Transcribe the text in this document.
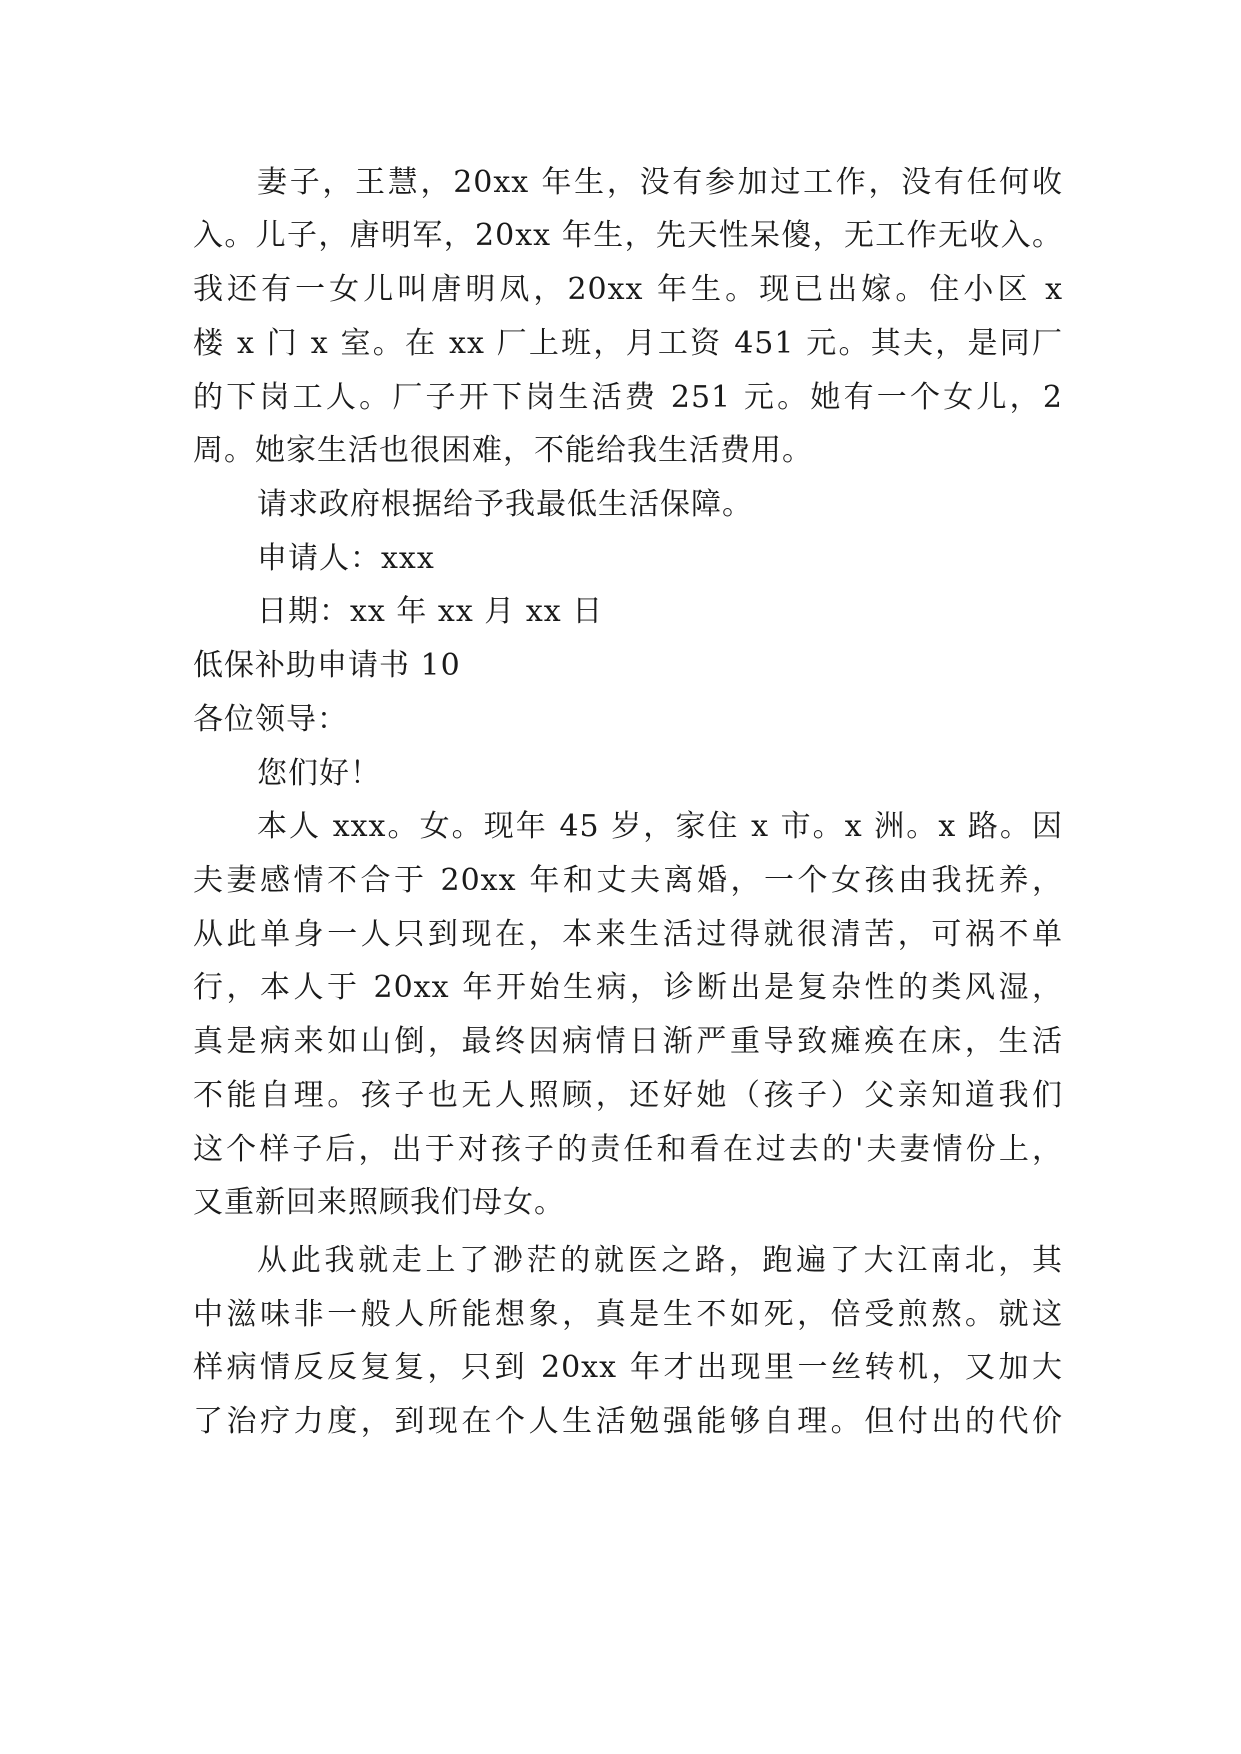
妻子，王慧，20xx 年生，没有参加过工作，没有任何收
入。儿子，唐明军，20xx 年生，先天性呆傻，无工作无收入。
我还有一女儿叫唐明凤，20xx 年生。现已出嫁。住小区 x
楼 x 门 x 室。在 xx 厂上班，月工资 451 元。其夫，是同厂
的下岗工人。厂子开下岗生活费 251 元。她有一个女儿，2
周。她家生活也很困难，不能给我生活费用。
请求政府根据给予我最低生活保障。
申请人：xxx
日期：xx 年 xx 月 xx 日
低保补助申请书 10
各位领导：
您们好！
本人 xxx。女。现年 45 岁，家住 x 市。x 洲。x 路。因
夫妻感情不合于 20xx 年和丈夫离婚，一个女孩由我抚养，
从此单身一人只到现在，本来生活过得就很清苦，可祸不单
行，本人于 20xx 年开始生病，诊断出是复杂性的类风湿，
真是病来如山倒，最终因病情日渐严重导致瘫痪在床，生活
不能自理。孩子也无人照顾，还好她（孩子）父亲知道我们
这个样子后，出于对孩子的责任和看在过去的'夫妻情份上，
又重新回来照顾我们母女。
从此我就走上了渺茫的就医之路，跑遍了大江南北，其
中滋味非一般人所能想象，真是生不如死，倍受煎熬。就这
样病情反反复复，只到 20xx 年才出现里一丝转机，又加大
了治疗力度，到现在个人生活勉强能够自理。但付出的代价
